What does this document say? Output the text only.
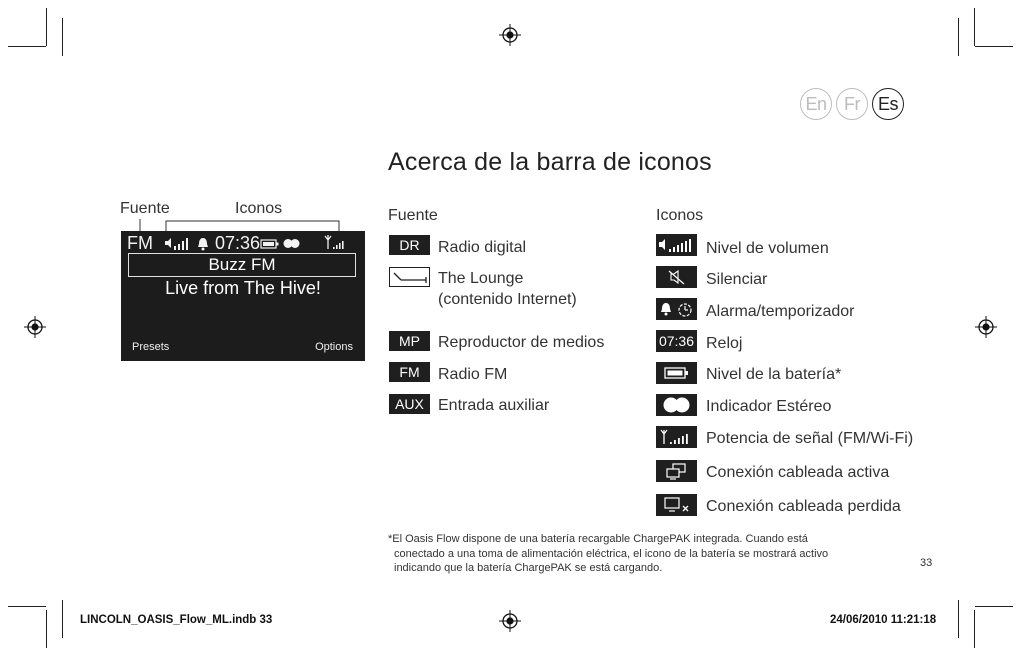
En Fr Es
Acerca de la barra de iconos
Fuente	Iconos
FM	07:36
Buzz FM
Live from The Hive!
Presets	Options
Fuente
DR	Radio digital
The Lounge
(contenido Internet)
MP	Reproductor de medios
FM	Radio FM
AUX Entrada auxiliar
Iconos
Nivel de volumen
Silenciar
Alarma/temporizador
07:36 Reloj
Nivel de la batería*
Indicador Estéreo
Potencia de señal (FM/Wi-Fi)
Conexión cableada activa
Conexión cableada perdida
*El Oasis Flow dispone de una batería recargable ChargePAK integrada. Cuando está
conectado a una toma de alimentación eléctrica, el icono de la batería se mostrará activo
indicando que la batería ChargePAK se está cargando.	33
LINCOLN_OASIS_Flow_ML.indb 33	24/06/2010 11:21:18
